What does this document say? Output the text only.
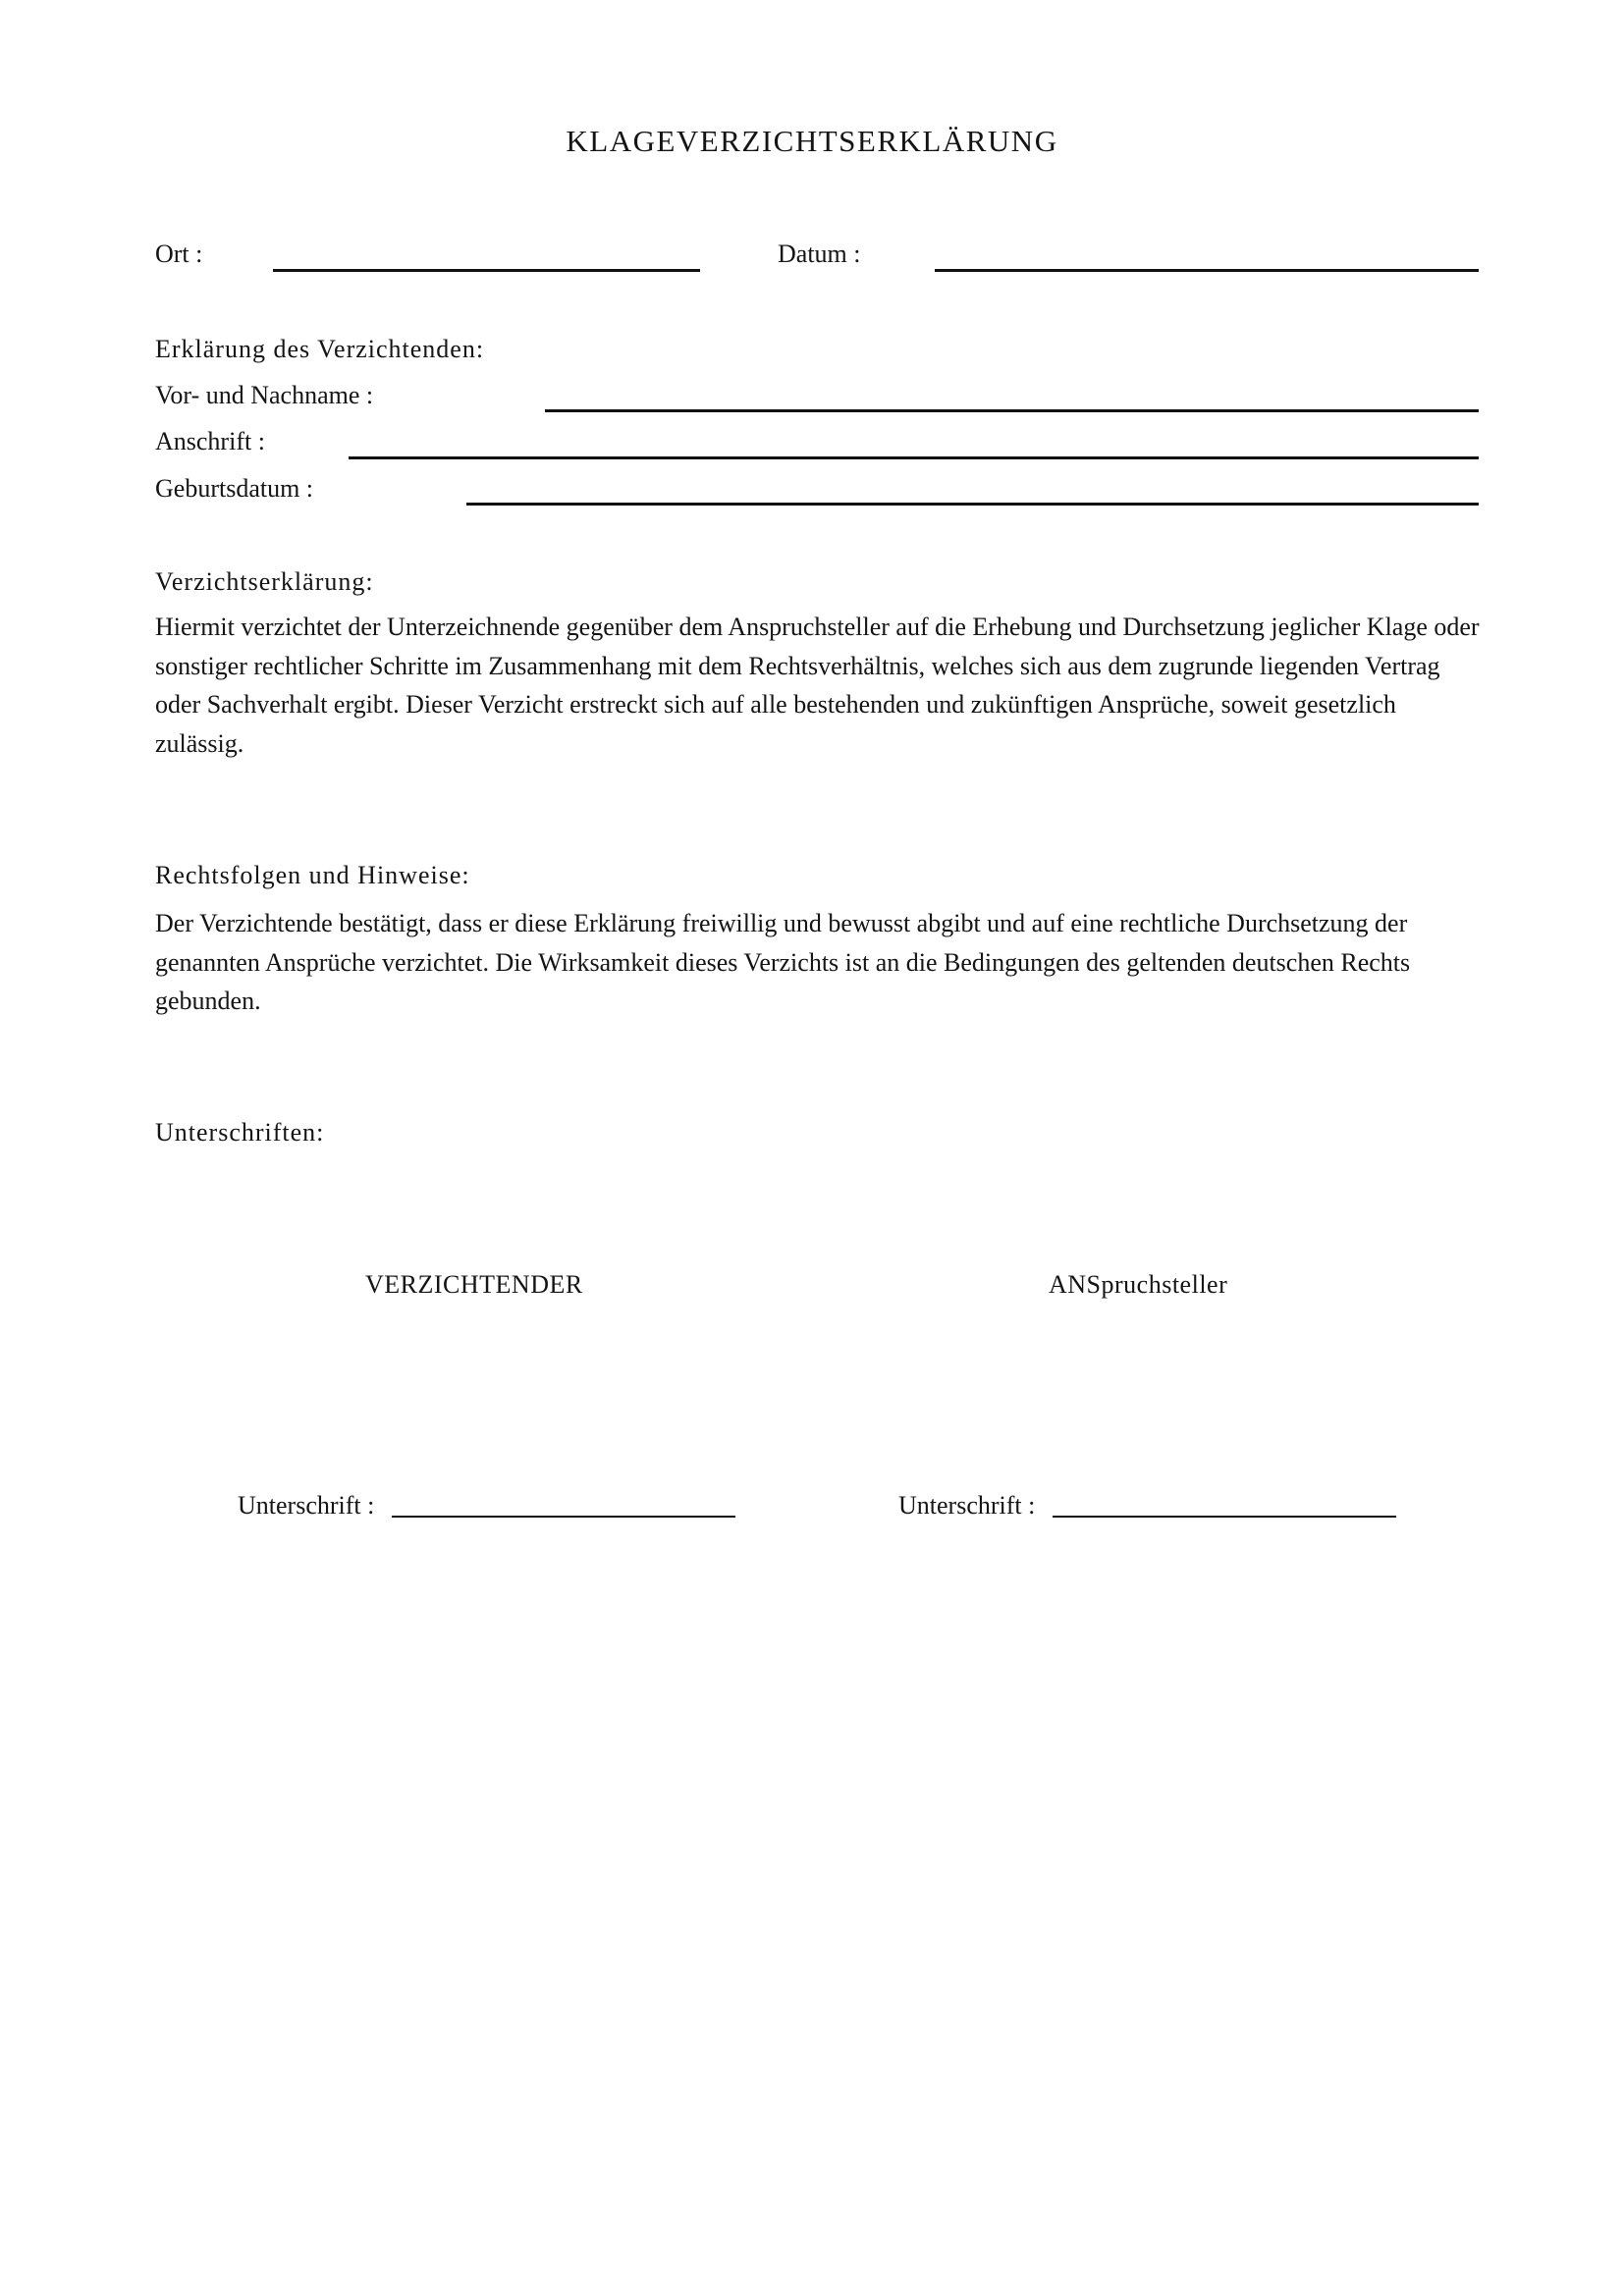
KLAGEVERZICHTSERKLÄRUNG
Ort :	Datum :
Erklärung des Verzichtenden:
Vor- und Nachname :
Anschrift :
Geburtsdatum :
Verzichtserklärung:
Hiermit verzichtet der Unterzeichnende gegenüber dem Anspruchsteller auf die Erhebung und Durchsetzung jeglicher Klage oder sonstiger rechtlicher Schritte im Zusammenhang mit dem Rechtsverhältnis, welches sich aus dem zugrunde liegenden Vertrag oder Sachverhalt ergibt. Dieser Verzicht erstreckt sich auf alle bestehenden und zukünftigen Ansprüche, soweit gesetzlich zulässig.
Rechtsfolgen und Hinweise:
Der Verzichtende bestätigt, dass er diese Erklärung freiwillig und bewusst abgibt und auf eine rechtliche Durchsetzung der genannten Ansprüche verzichtet. Die Wirksamkeit dieses Verzichts ist an die Bedingungen des geltenden deutschen Rechts gebunden.
Unterschriften:
VERZICHTENDER	ANSpruchsteller
Unterschrift :	Unterschrift :
